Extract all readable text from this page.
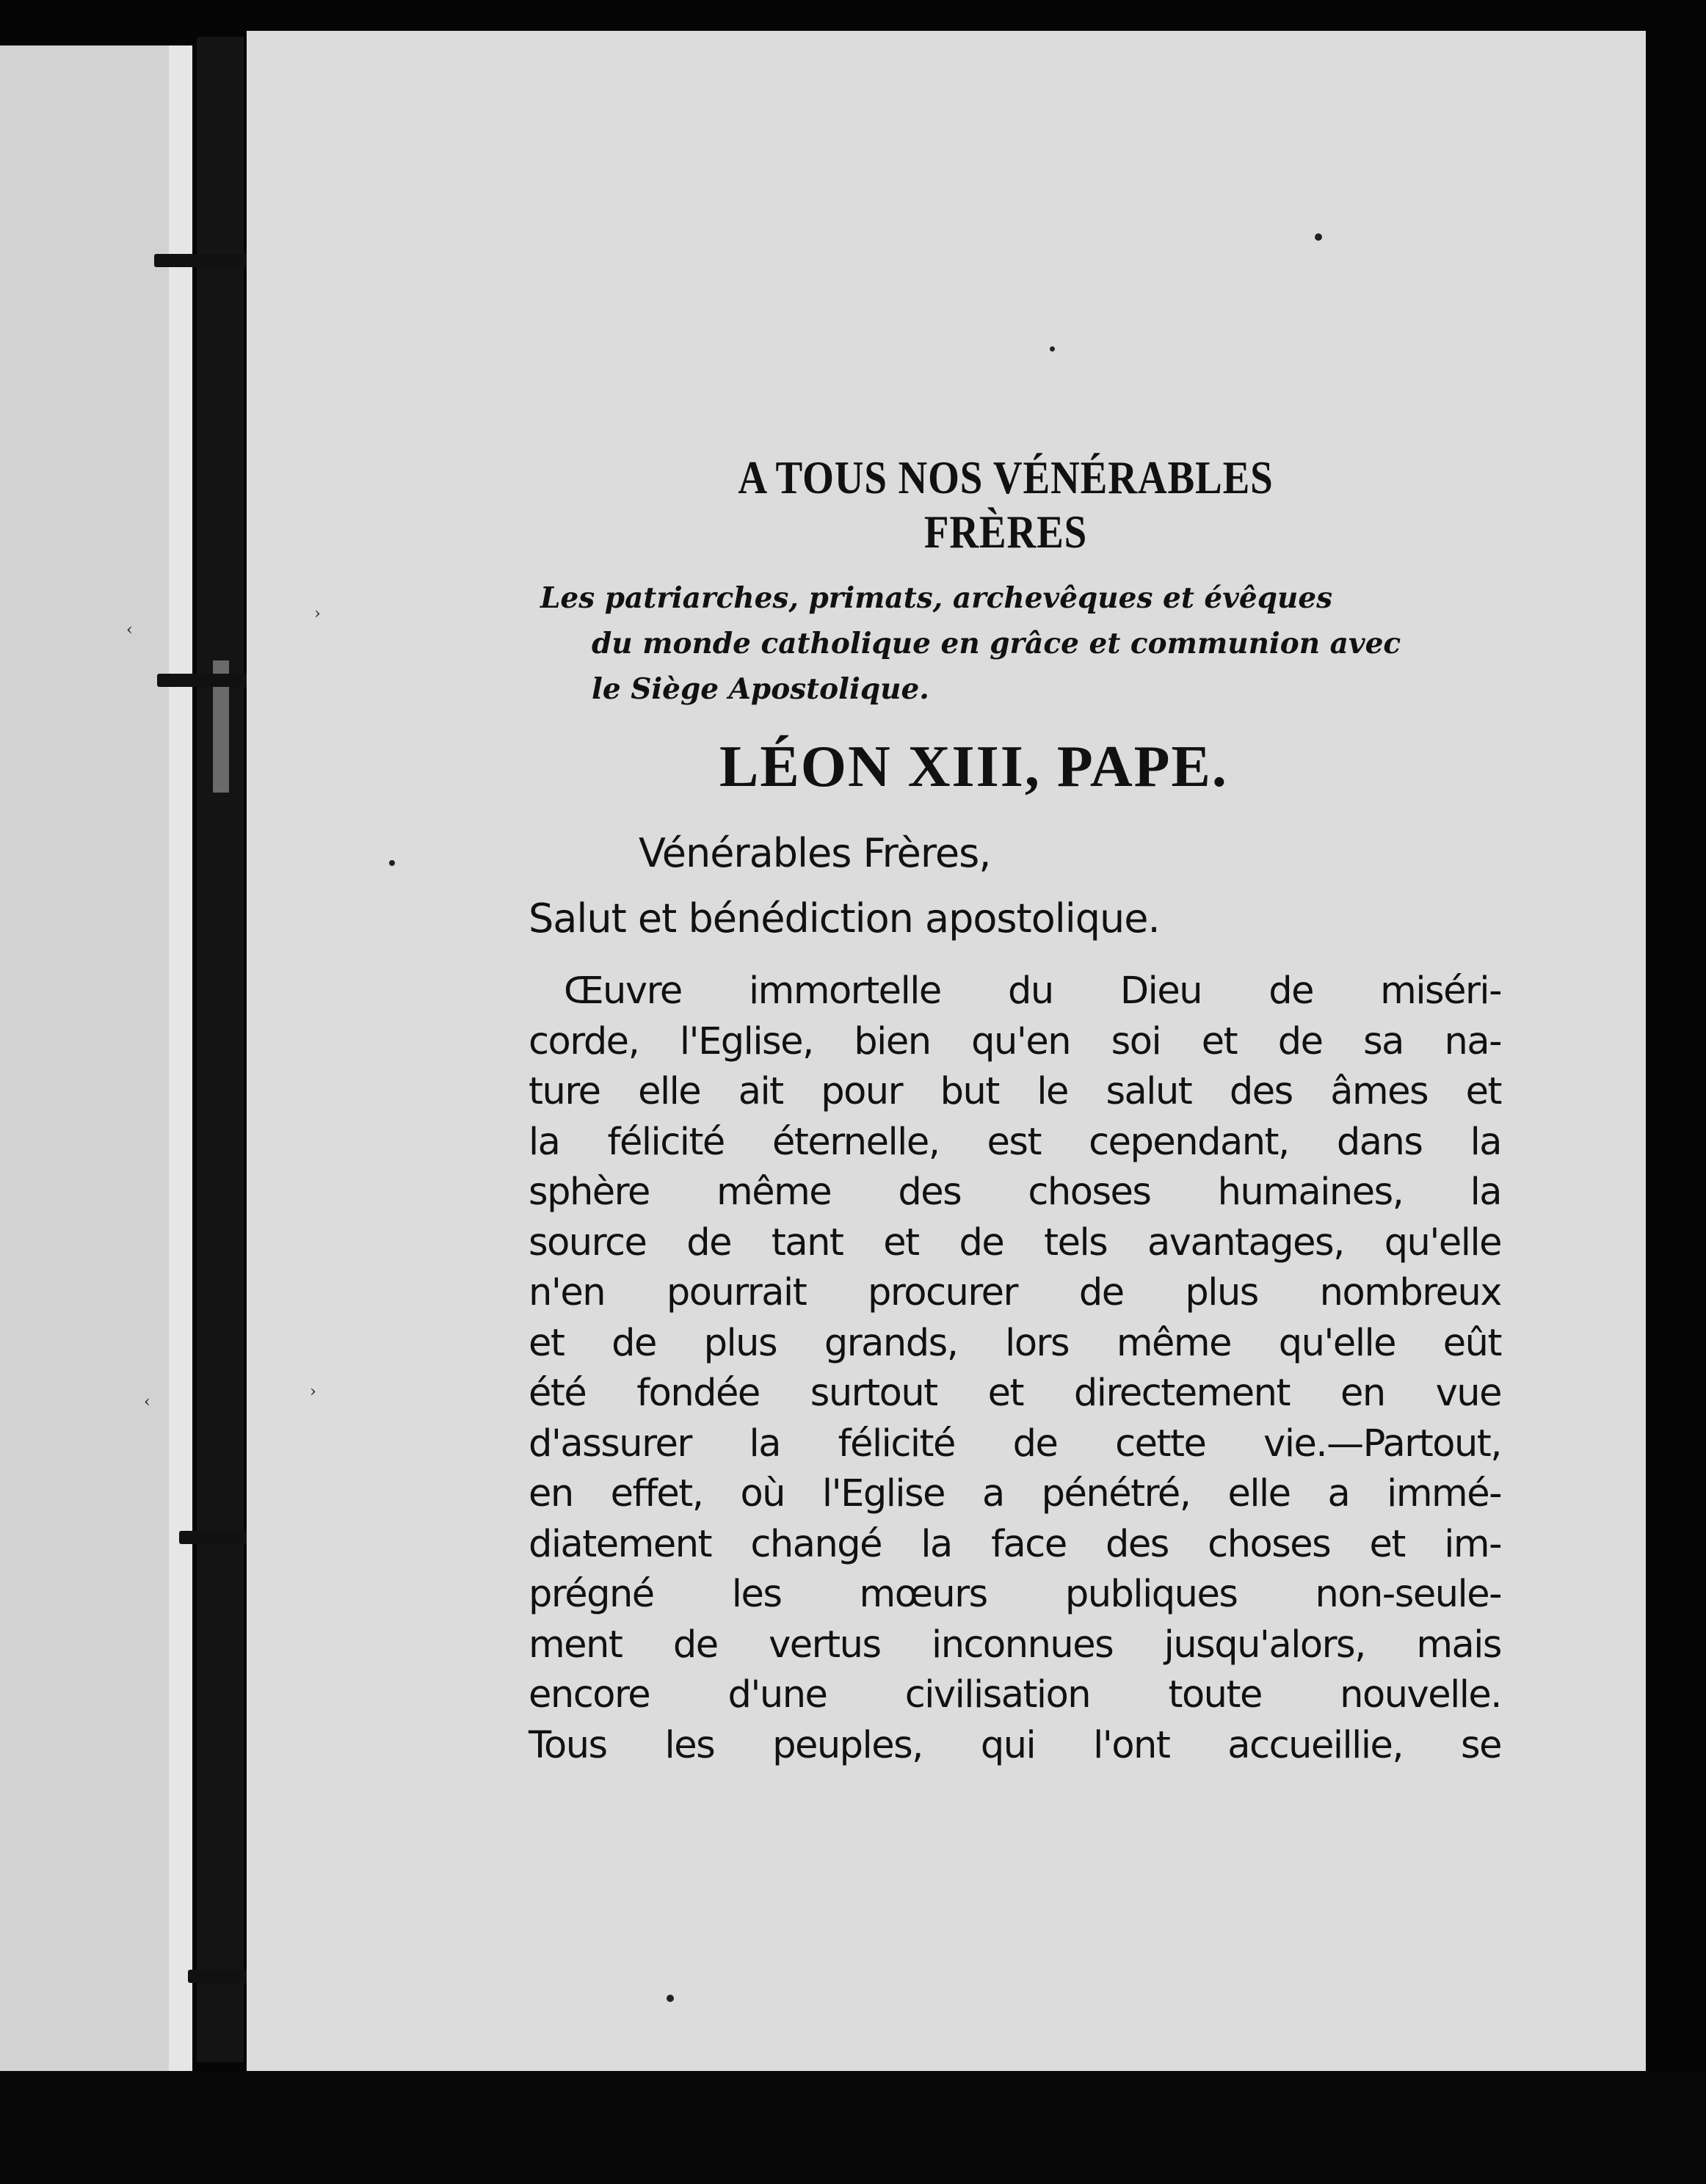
›
‹
‹
›
A TOUS NOS VÉNÉRABLES FRÈRES
Les patriarches, primats, archevêques et évêques
du monde catholique en grâce et communion avec
le Siège Apostolique.
LÉON XIII, PAPE.
Vénérables Frères,
Salut et bénédiction apostolique.
Œuvre immortelle du Dieu de miséri-
corde, l'Eglise, bien qu'en soi et de sa na-
ture elle ait pour but le salut des âmes et
la félicité éternelle, est cependant, dans la
sphère même des choses humaines, la
source de tant et de tels avantages, qu'elle
n'en pourrait procurer de plus nombreux
et de plus grands, lors même qu'elle eût
été fondée surtout et directement en vue
d'assurer la félicité de cette vie.—Partout,
en effet, où l'Eglise a pénétré, elle a immé-
diatement changé la face des choses et im-
prégné les mœurs publiques non-seule-
ment de vertus inconnues jusqu'alors, mais
encore d'une civilisation toute nouvelle.
Tous les peuples, qui l'ont accueillie, se
